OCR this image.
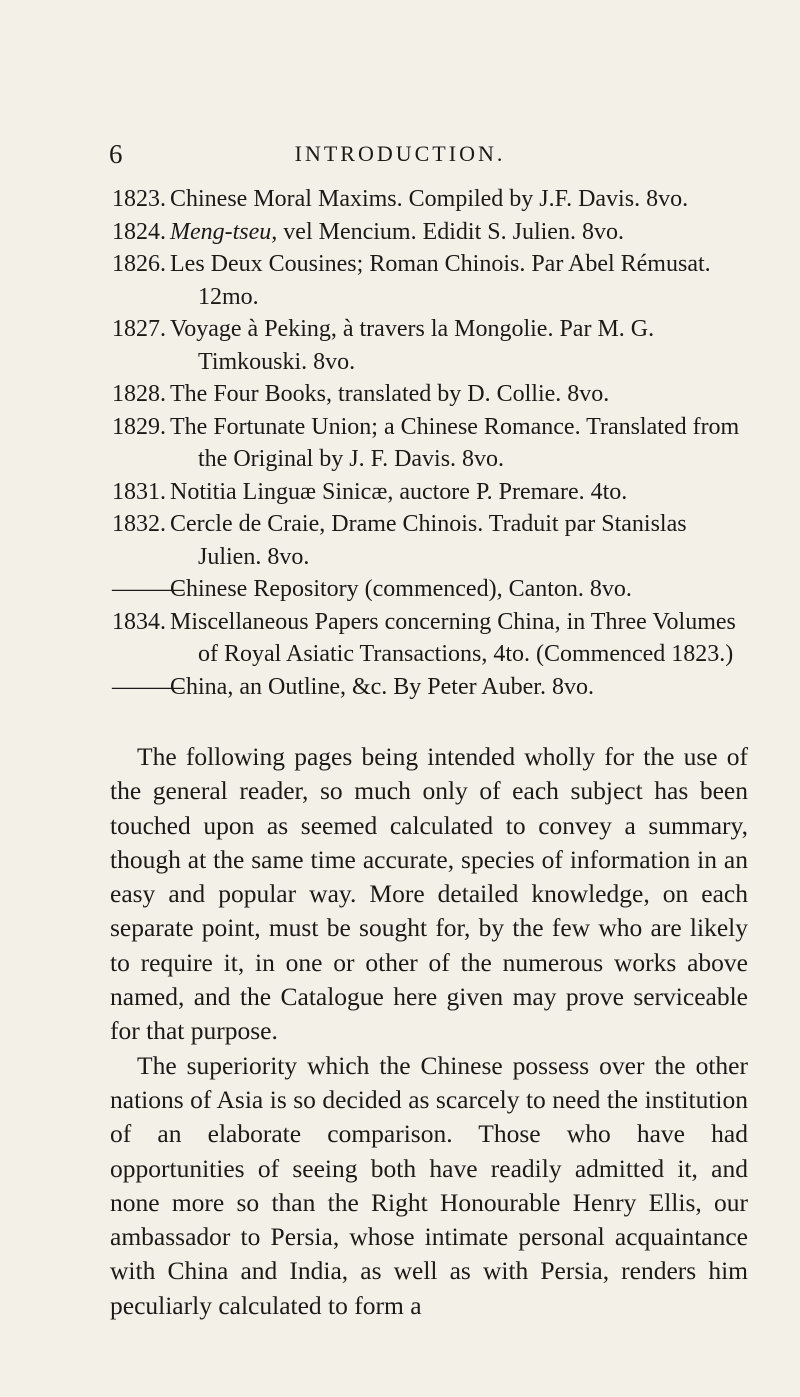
6	INTRODUCTION.
1823. Chinese Moral Maxims. Compiled by J.F. Davis. 8vo.
1824. Meng-tseu, vel Mencium. Edidit S. Julien. 8vo.
1826. Les Deux Cousines; Roman Chinois. Par Abel Rémusat. 12mo.
1827. Voyage à Peking, à travers la Mongolie. Par M. G. Timkouski. 8vo.
1828. The Four Books, translated by D. Collie. 8vo.
1829. The Fortunate Union; a Chinese Romance. Translated from the Original by J. F. Davis. 8vo.
1831. Notitia Linguæ Sinicæ, auctore P. Premare. 4to.
1832. Cercle de Craie, Drame Chinois. Traduit par Stanislas Julien. 8vo.
———
Chinese Repository (commenced), Canton. 8vo.
1834. Miscellaneous Papers concerning China, in Three Volumes of Royal Asiatic Transactions, 4to. (Commenced 1823.)
———
China, an Outline, &c. By Peter Auber. 8vo.

The following pages being intended wholly for the use of the general reader, so much only of each subject has been touched upon as seemed calculated to convey a summary, though at the same time accurate, species of information in an easy and popular way. More detailed knowledge, on each separate point, must be sought for, by the few who are likely to require it, in one or other of the numerous works above named, and the Catalogue here given may prove serviceable for that purpose.

The superiority which the Chinese possess over the other nations of Asia is so decided as scarcely to need the institution of an elaborate comparison. Those who have had opportunities of seeing both have readily admitted it, and none more so than the Right Honourable Henry Ellis, our ambassador to Persia, whose intimate personal acquaintance with China and India, as well as with Persia, renders him peculiarly calculated to form a
